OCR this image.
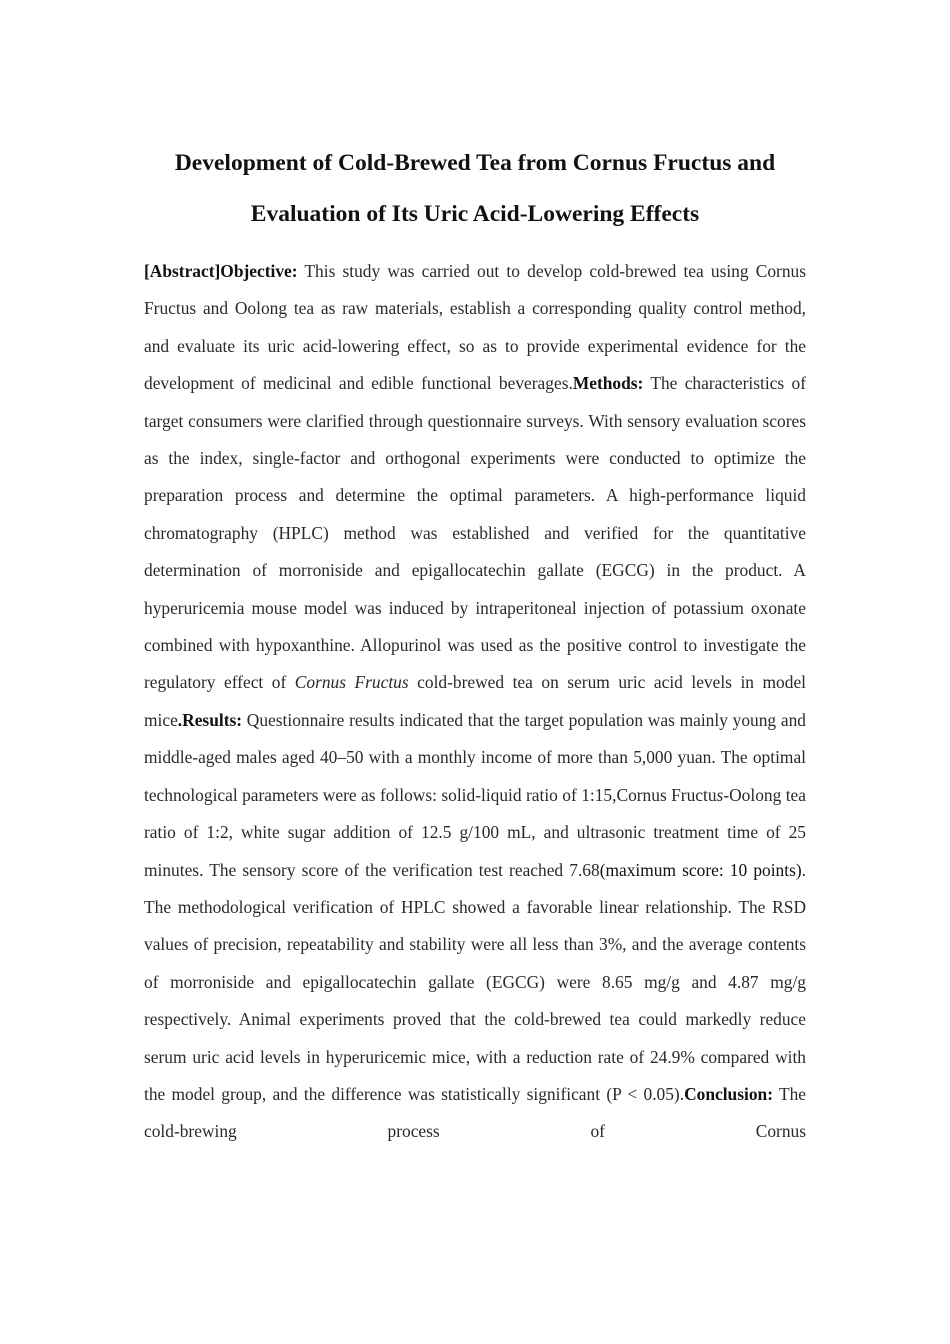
Development of Cold-Brewed Tea from Cornus Fructus and
Evaluation of Its Uric Acid-Lowering Effects

[Abstract]Objective: This study was carried out to develop cold-brewed tea using Cornus Fructus and Oolong tea as raw materials, establish a corresponding quality control method, and evaluate its uric acid-lowering effect, so as to provide experimental evidence for the development of medicinal and edible functional beverages.Methods: The characteristics of target consumers were clarified through questionnaire surveys. With sensory evaluation scores as the index, single-factor and orthogonal experiments were conducted to optimize the preparation process and determine the optimal parameters. A high-performance liquid chromatography (HPLC) method was established and verified for the quantitative determination of morroniside and epigallocatechin gallate (EGCG) in the product. A hyperuricemia mouse model was induced by intraperitoneal injection of potassium oxonate combined with hypoxanthine. Allopurinol was used as the positive control to investigate the regulatory effect of Cornus Fructus cold-brewed tea on serum uric acid levels in model mice.Results: Questionnaire results indicated that the target population was mainly young and middle-aged males aged 40–50 with a monthly income of more than 5,000 yuan. The optimal technological parameters were as follows: solid-liquid ratio of 1:15,Cornus Fructus-Oolong tea ratio of 1:2, white sugar addition of 12.5 g/100 mL, and ultrasonic treatment time of 25 minutes. The sensory score of the verification test reached 7.68(maximum score: 10 points). The methodological verification of HPLC showed a favorable linear relationship. The RSD values of precision, repeatability and stability were all less than 3%, and the average contents of morroniside and epigallocatechin gallate (EGCG) were 8.65 mg/g and 4.87 mg/g respectively. Animal experiments proved that the cold-brewed tea could markedly reduce serum uric acid levels in hyperuricemic mice, with a reduction rate of 24.9% compared with the model group, and the difference was statistically significant (P < 0.05).Conclusion: The cold-brewing process of Cornus
